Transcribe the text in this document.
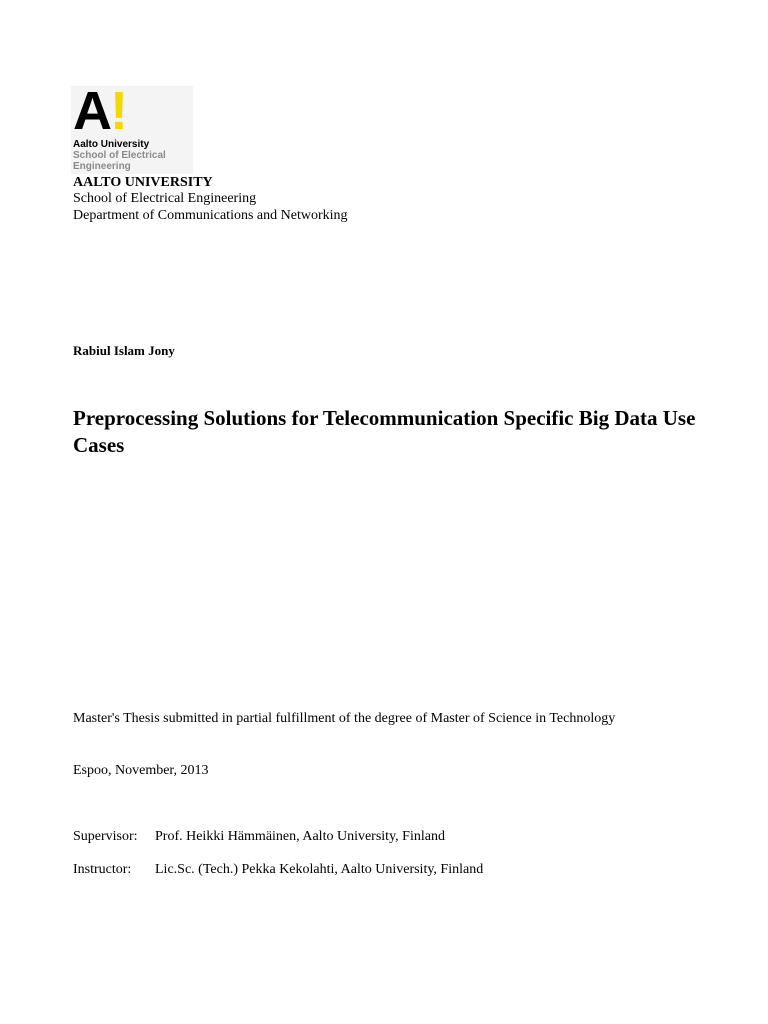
A!
Aalto University
School of Electrical
Engineering
AALTO UNIVERSITY
School of Electrical Engineering
Department of Communications and Networking
Rabiul Islam Jony
Preprocessing Solutions for Telecommunication Specific Big Data Use Cases
Master's Thesis submitted in partial fulfillment of the degree of Master of Science in Technology
Espoo, November, 2013
Supervisor: Prof. Heikki Hämmäinen, Aalto University, Finland
Instructor: Lic.Sc. (Tech.) Pekka Kekolahti, Aalto University, Finland
